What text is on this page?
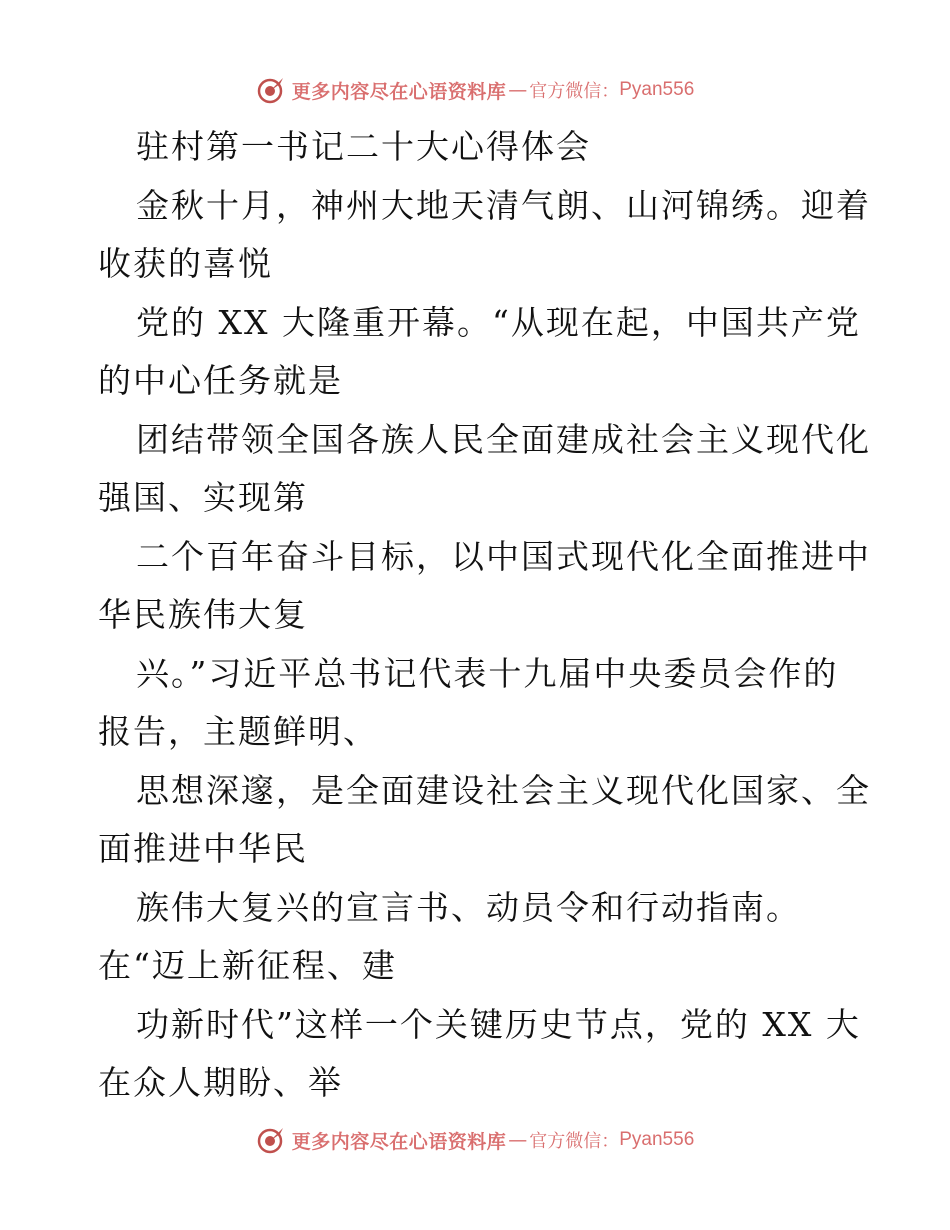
更多内容尽在心语资料库 — 官方微信： Pyan556
驻村第一书记二十大心得体会
金秋十月，神州大地天清气朗、山河锦绣。迎着
收获的喜悦
党的 XX 大隆重开幕。“从现在起，中国共产党
的中心任务就是
团结带领全国各族人民全面建成社会主义现代化
强国、实现第
二个百年奋斗目标，以中国式现代化全面推进中
华民族伟大复
兴。”习近平总书记代表十九届中央委员会作的
报告，主题鲜明、
思想深邃，是全面建设社会主义现代化国家、全
面推进中华民
族伟大复兴的宣言书、动员令和行动指南。
在“迈上新征程、建
功新时代”这样一个关键历史节点，党的 XX 大
在众人期盼、举
更多内容尽在心语资料库 — 官方微信： Pyan556
